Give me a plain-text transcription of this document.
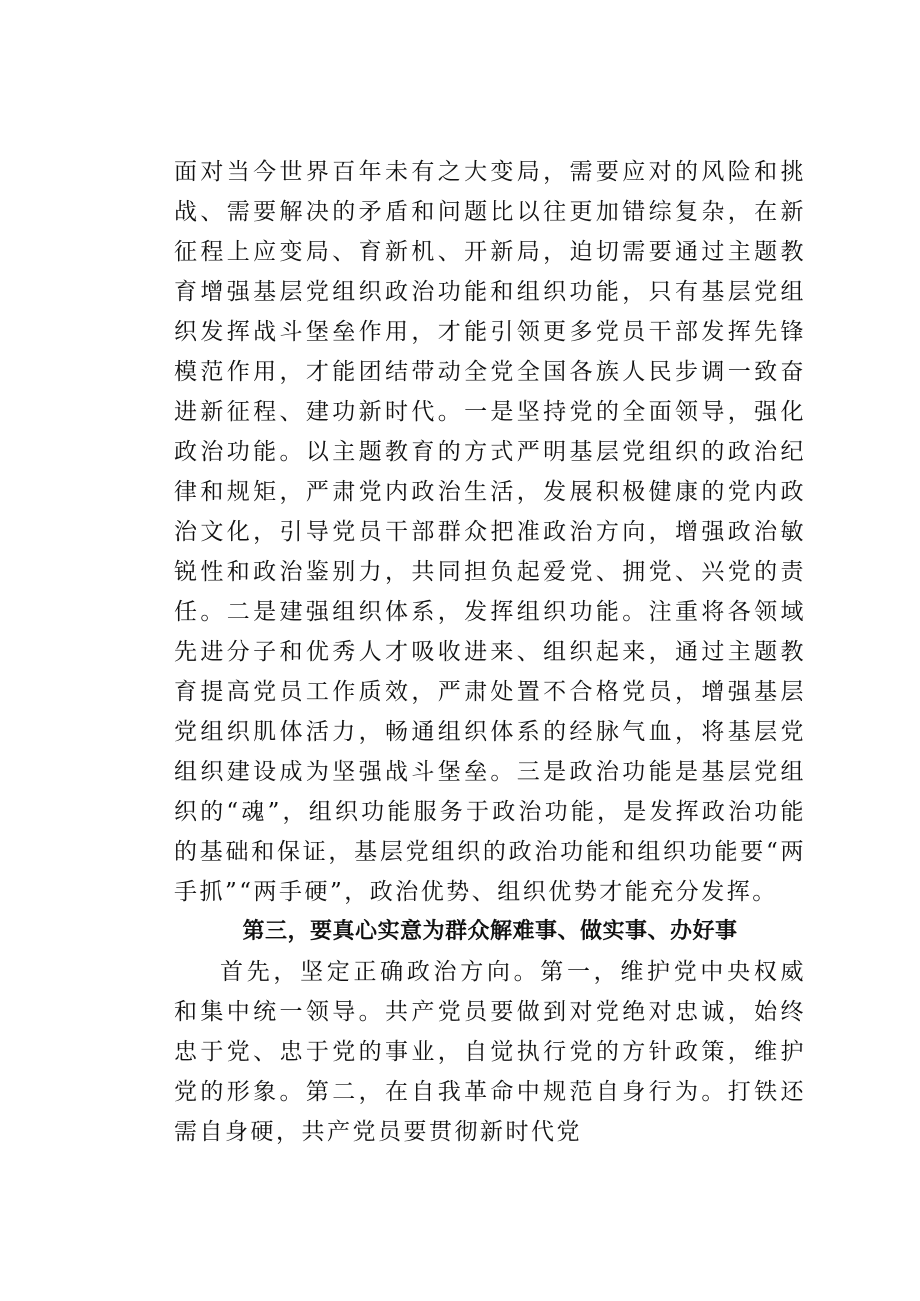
面对当今世界百年未有之大变局，需要应对的风险和挑战、需要解决的矛盾和问题比以往更加错综复杂，在新征程上应变局、育新机、开新局，迫切需要通过主题教育增强基层党组织政治功能和组织功能，只有基层党组织发挥战斗堡垒作用，才能引领更多党员干部发挥先锋模范作用，才能团结带动全党全国各族人民步调一致奋进新征程、建功新时代。一是坚持党的全面领导，强化政治功能。以主题教育的方式严明基层党组织的政治纪律和规矩，严肃党内政治生活，发展积极健康的党内政治文化，引导党员干部群众把准政治方向，增强政治敏锐性和政治鉴别力，共同担负起爱党、拥党、兴党的责任。二是建强组织体系，发挥组织功能。注重将各领域先进分子和优秀人才吸收进来、组织起来，通过主题教育提高党员工作质效，严肃处置不合格党员，增强基层党组织肌体活力，畅通组织体系的经脉气血，将基层党组织建设成为坚强战斗堡垒。三是政治功能是基层党组织的“魂”，组织功能服务于政治功能，是发挥政治功能的基础和保证，基层党组织的政治功能和组织功能要“两手抓”“两手硬”，政治优势、组织优势才能充分发挥。

第三，要真心实意为群众解难事、做实事、办好事

首先，坚定正确政治方向。第一，维护党中央权威和集中统一领导。共产党员要做到对党绝对忠诚，始终忠于党、忠于党的事业，自觉执行党的方针政策，维护党的形象。第二，在自我革命中规范自身行为。打铁还需自身硬，共产党员要贯彻新时代党
